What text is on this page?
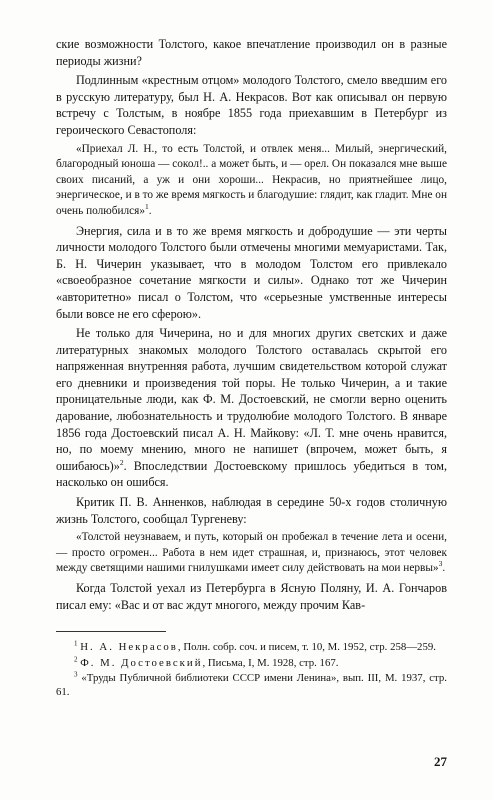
ские возможности Толстого, какое впечатление производил он в разные периоды жизни?

Подлинным «крестным отцом» молодого Толстого, смело введшим его в русскую литературу, был Н. А. Некрасов. Вот как описывал он первую встречу с Толстым, в ноябре 1855 года приехавшим в Петербург из героического Севастополя:

«Приехал Л. Н., то есть Толстой, и отвлек меня... Милый, энергический, благородный юноша — сокол!.. а может быть, и — орел. Он показался мне выше своих писаний, а уж и они хороши... Некрасив, но приятнейшее лицо, энергическое, и в то же время мягкость и благодушие: глядит, как гладит. Мне он очень полюбился»$^1$.

Энергия, сила и в то же время мягкость и добродушие — эти черты личности молодого Толстого были отмечены многими мемуаристами. Так, Б. Н. Чичерин указывает, что в молодом Толстом его привлекало «своеобразное сочетание мягкости и силы». Однако тот же Чичерин «авторитетно» писал о Толстом, что «серьезные умственные интересы были вовсе не его сферою».

Не только для Чичерина, но и для многих других светских и даже литературных знакомых молодого Толстого оставалась скрытой его напряженная внутренняя работа, лучшим свидетельством которой служат его дневники и произведения той поры. Не только Чичерин, а и такие проницательные люди, как Ф. М. Достоевский, не смогли верно оценить дарование, любознательность и трудолюбие молодого Толстого. В январе 1856 года Достоевский писал А. Н. Майкову: «Л. Т. мне очень нравится, но, по моему мнению, много не напишет (впрочем, может быть, я ошибаюсь)»$^2$. Впоследствии Достоевскому пришлось убедиться в том, насколько он ошибся.

Критик П. В. Анненков, наблюдая в середине 50-х годов столичную жизнь Толстого, сообщал Тургеневу:

«Толстой неузнаваем, и путь, который он пробежал в течение лета и осени,— просто огромен... Работа в нем идет страшная, и, признаюсь, этот человек между светящими нашими гнилушками имеет силу действовать на мои нервы»$^3$.

Когда Толстой уехал из Петербурга в Ясную Поляну, И. А. Гончаров писал ему: «Вас и от вас ждут многого, между прочим Кав-

$^1$ Н. А. Некрасов, Полн. собр. соч. и писем, т. 10, М. 1952, стр. 258—259.

$^2$ Ф. М. Достоевский, Письма, I, М. 1928, стр. 167.

$^3$ «Труды Публичной библиотеки СССР имени Ленина», вып. III, М. 1937, стр. 61.

27
